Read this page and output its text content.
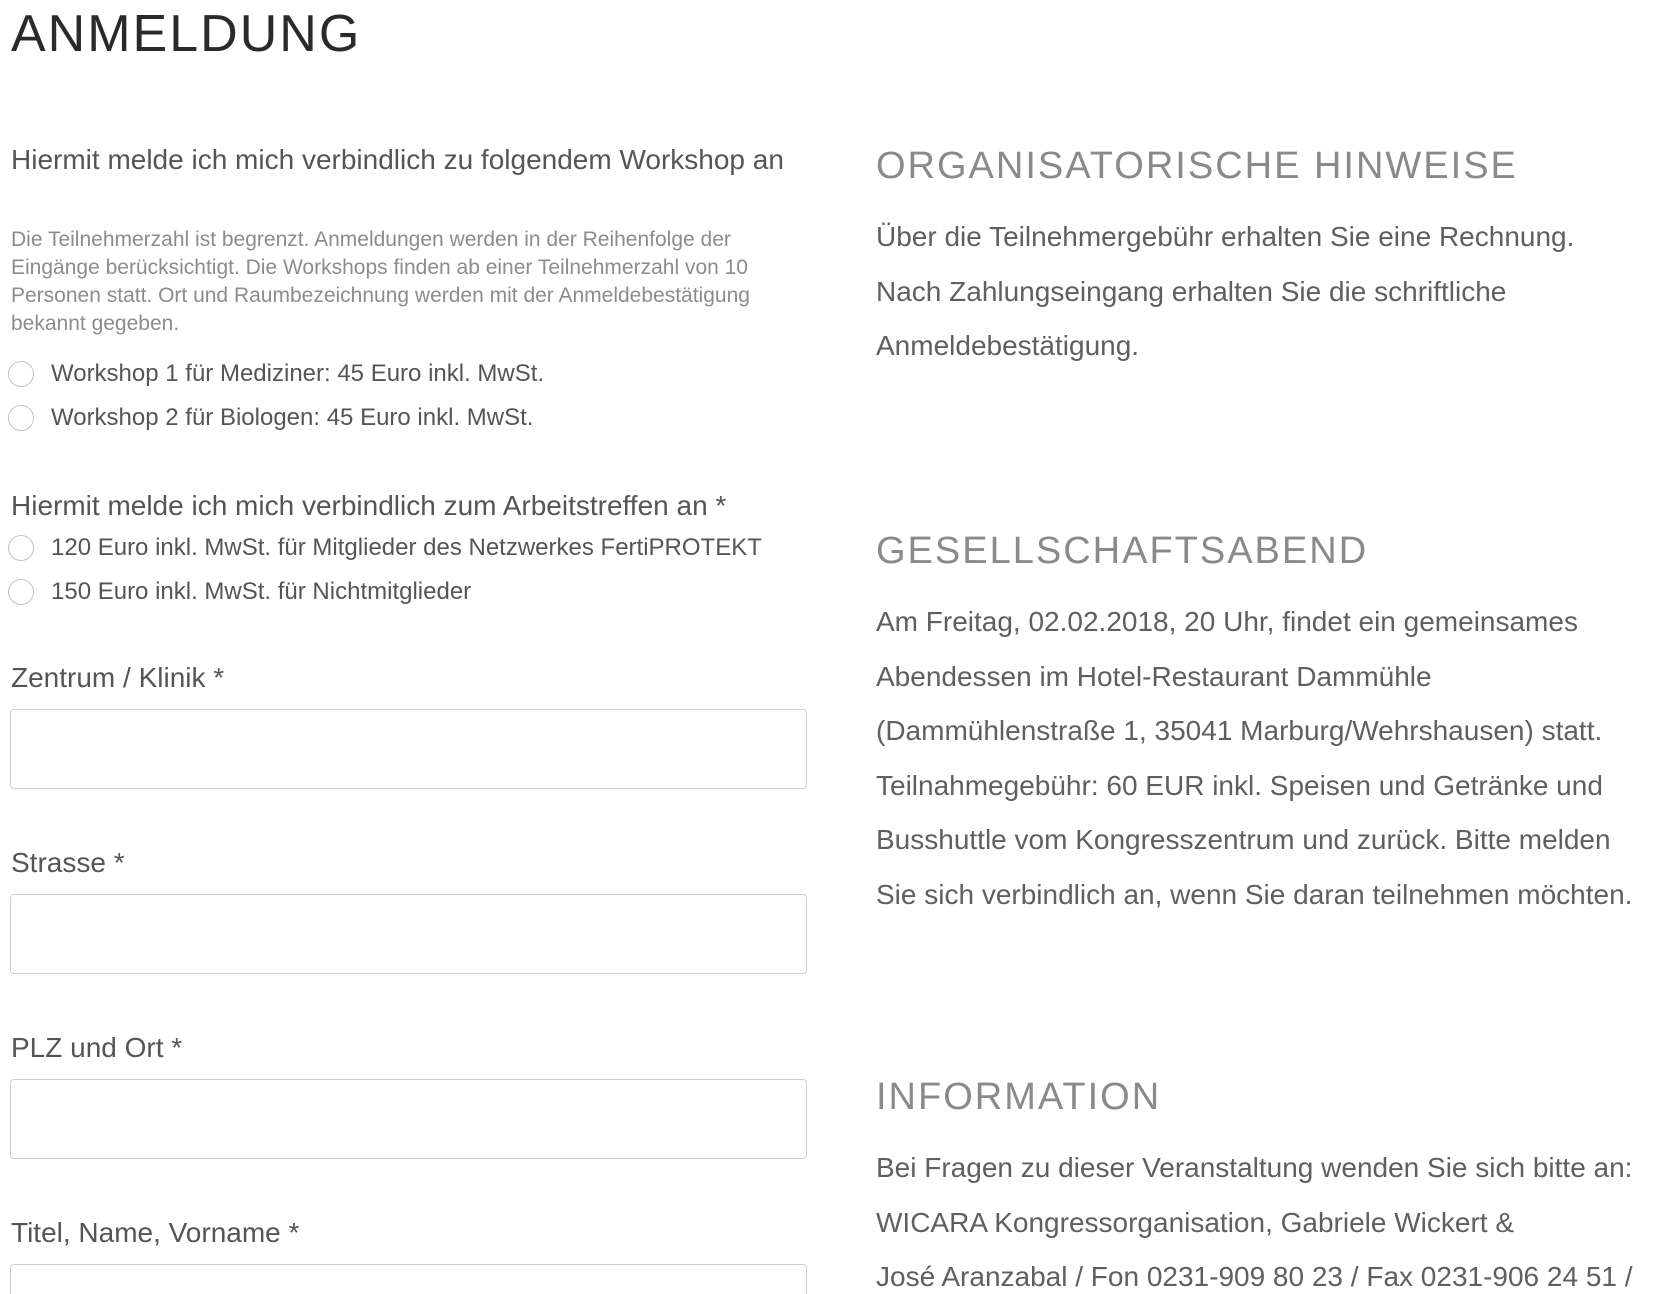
ANMELDUNG
Hiermit melde ich mich verbindlich zu folgendem Workshop an
Die Teilnehmerzahl ist begrenzt. Anmeldungen werden in der Reihenfolge der Eingänge berücksichtigt. Die Workshops finden ab einer Teilnehmerzahl von 10 Personen statt. Ort und Raumbezeichnung werden mit der Anmeldebestätigung bekannt gegeben.
Workshop 1 für Mediziner: 45 Euro inkl. MwSt.
Workshop 2 für Biologen: 45 Euro inkl. MwSt.
Hiermit melde ich mich verbindlich zum Arbeitstreffen an *
120 Euro inkl. MwSt. für Mitglieder des Netzwerkes FertiPROTEKT
150 Euro inkl. MwSt. für Nichtmitglieder
Zentrum / Klinik *
Strasse *
PLZ und Ort *
Titel, Name, Vorname *
ORGANISATORISCHE HINWEISE
Über die Teilnehmergebühr erhalten Sie eine Rechnung.
Nach Zahlungseingang erhalten Sie die schriftliche
Anmeldebestätigung.
GESELLSCHAFTSABEND
Am Freitag, 02.02.2018, 20 Uhr, findet ein gemeinsames
Abendessen im Hotel-Restaurant Dammühle
(Dammühlenstraße 1, 35041 Marburg/Wehrshausen) statt.
Teilnahmegebühr: 60 EUR inkl. Speisen und Getränke und
Busshuttle vom Kongresszentrum und zurück. Bitte melden
Sie sich verbindlich an, wenn Sie daran teilnehmen möchten.
INFORMATION
Bei Fragen zu dieser Veranstaltung wenden Sie sich bitte an:
WICARA Kongressorganisation, Gabriele Wickert &
José Aranzabal / Fon 0231-909 80 23 / Fax 0231-906 24 51 /
